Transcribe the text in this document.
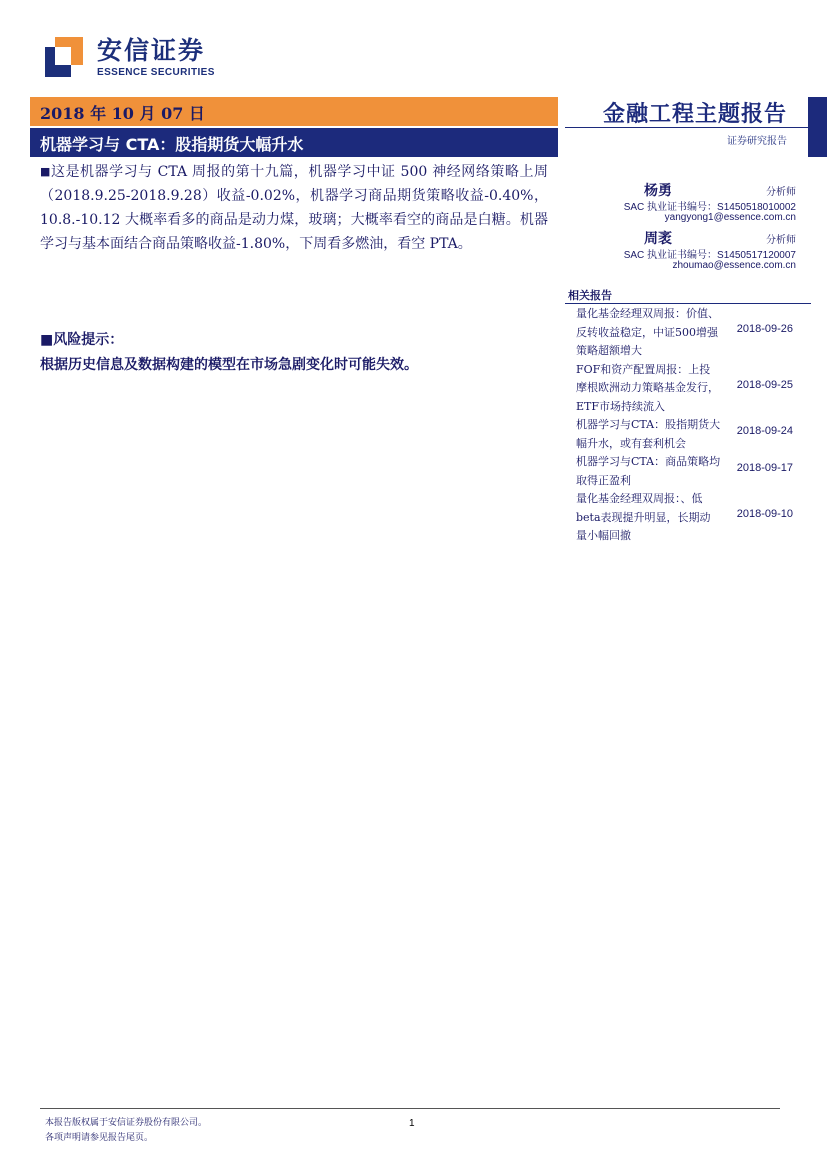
安信证券
ESSENCE SECURITIES
2018 年 10 月 07 日
机器学习与 CTA：股指期货大幅升水
金融工程主题报告
证券研究报告
■这是机器学习与 CTA 周报的第十九篇，机器学习中证 500 神经网络策略上周（2018.9.25-2018.9.28）收益-0.02%，机器学习商品期货策略收益-0.40%，10.8.-10.12 大概率看多的商品是动力煤，玻璃；大概率看空的商品是白糖。机器学习与基本面结合商品策略收益-1.80%，下周看多燃油，看空 PTA。
■风险提示：
根据历史信息及数据构建的模型在市场急剧变化时可能失效。
杨勇	分析师
SAC 执业证书编号：S1450518010002
yangyong1@essence.com.cn
周袤	分析师
SAC 执业证书编号：S1450517120007
zhoumao@essence.com.cn
相关报告
量化基金经理双周报：价值、反转收益稳定，中证500增强策略超额增大
2018-09-26
FOF和资产配置周报：上投摩根欧洲动力策略基金发行，ETF市场持续流入
2018-09-25
机器学习与CTA：股指期货大幅升水，或有套利机会
2018-09-24
机器学习与CTA：商品策略均取得正盈利
2018-09-17
量化基金经理双周报：、低beta表现提升明显，长期动量小幅回撤
2018-09-10
本报告版权属于安信证券股份有限公司。
各项声明请参见报告尾页。
1
